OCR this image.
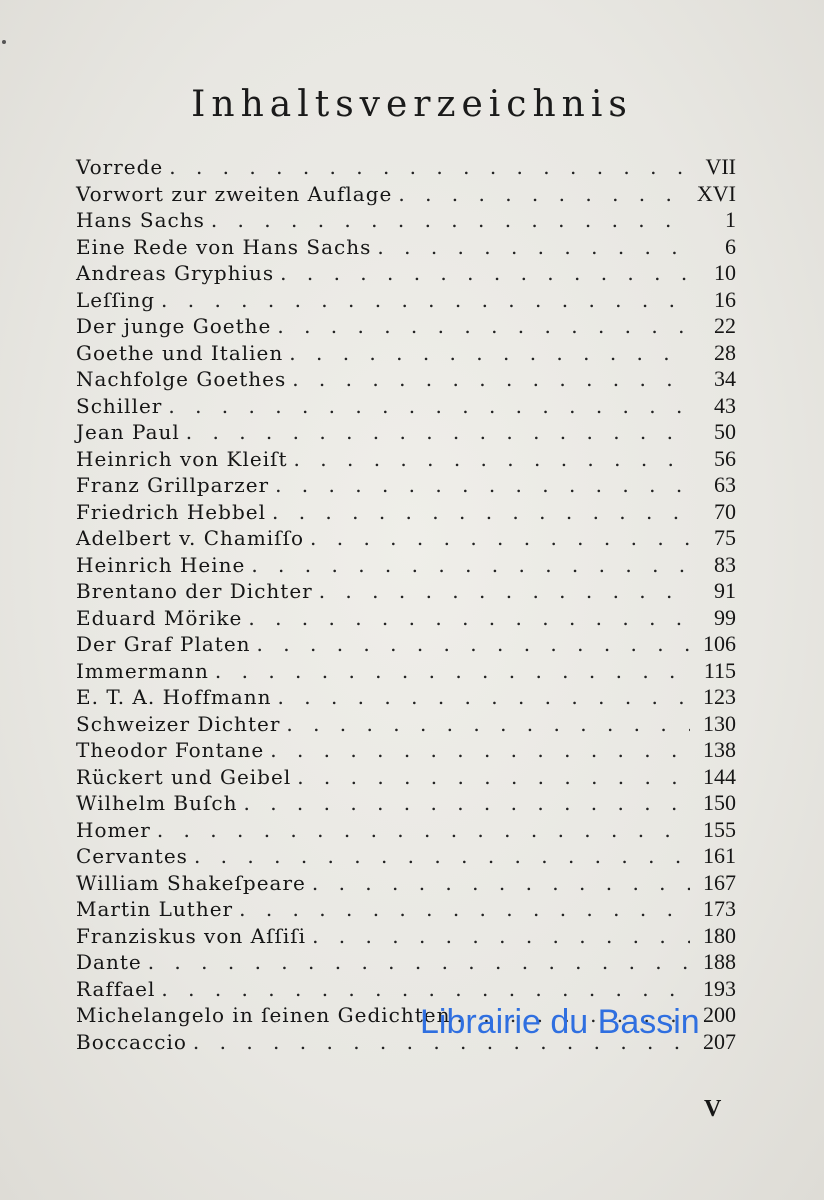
Inhaltsverzeichnis
Vorrede . . .	VII
Vorwort zur zweiten Auflage . . .	XVI
Hans Sachs . . .	1
Eine Rede von Hans Sachs . . .	6
Andreas Gryphius . . .	10
Leſſing . . .	16
Der junge Goethe . . .	22
Goethe und Italien . . .	28
Nachfolge Goethes . . .	34
Schiller . . .	43
Jean Paul . . .	50
Heinrich von Kleiſt . . .	56
Franz Grillparzer . . .	63
Friedrich Hebbel . . .	70
Adelbert v. Chamiſſo . . .	75
Heinrich Heine . . .	83
Brentano der Dichter . . .	91
Eduard Mörike . . .	99
Der Graf Platen . . .	106
Immermann . . .	115
E. T. A. Hoffmann . . .	123
Schweizer Dichter . . .	130
Theodor Fontane . . .	138
Rückert und Geibel . . .	144
Wilhelm Buſch . . .	150
Homer . . .	155
Cervantes . . .	161
William Shakeſpeare . . .	167
Martin Luther . . .	173
Franziskus von Aſſiſi . . .	180
Dante . . .	188
Raffael . . .	193
Michelangelo in ſeinen Gedichten . . .	200
Boccaccio . . .	207
V
Librairie du Bassin
